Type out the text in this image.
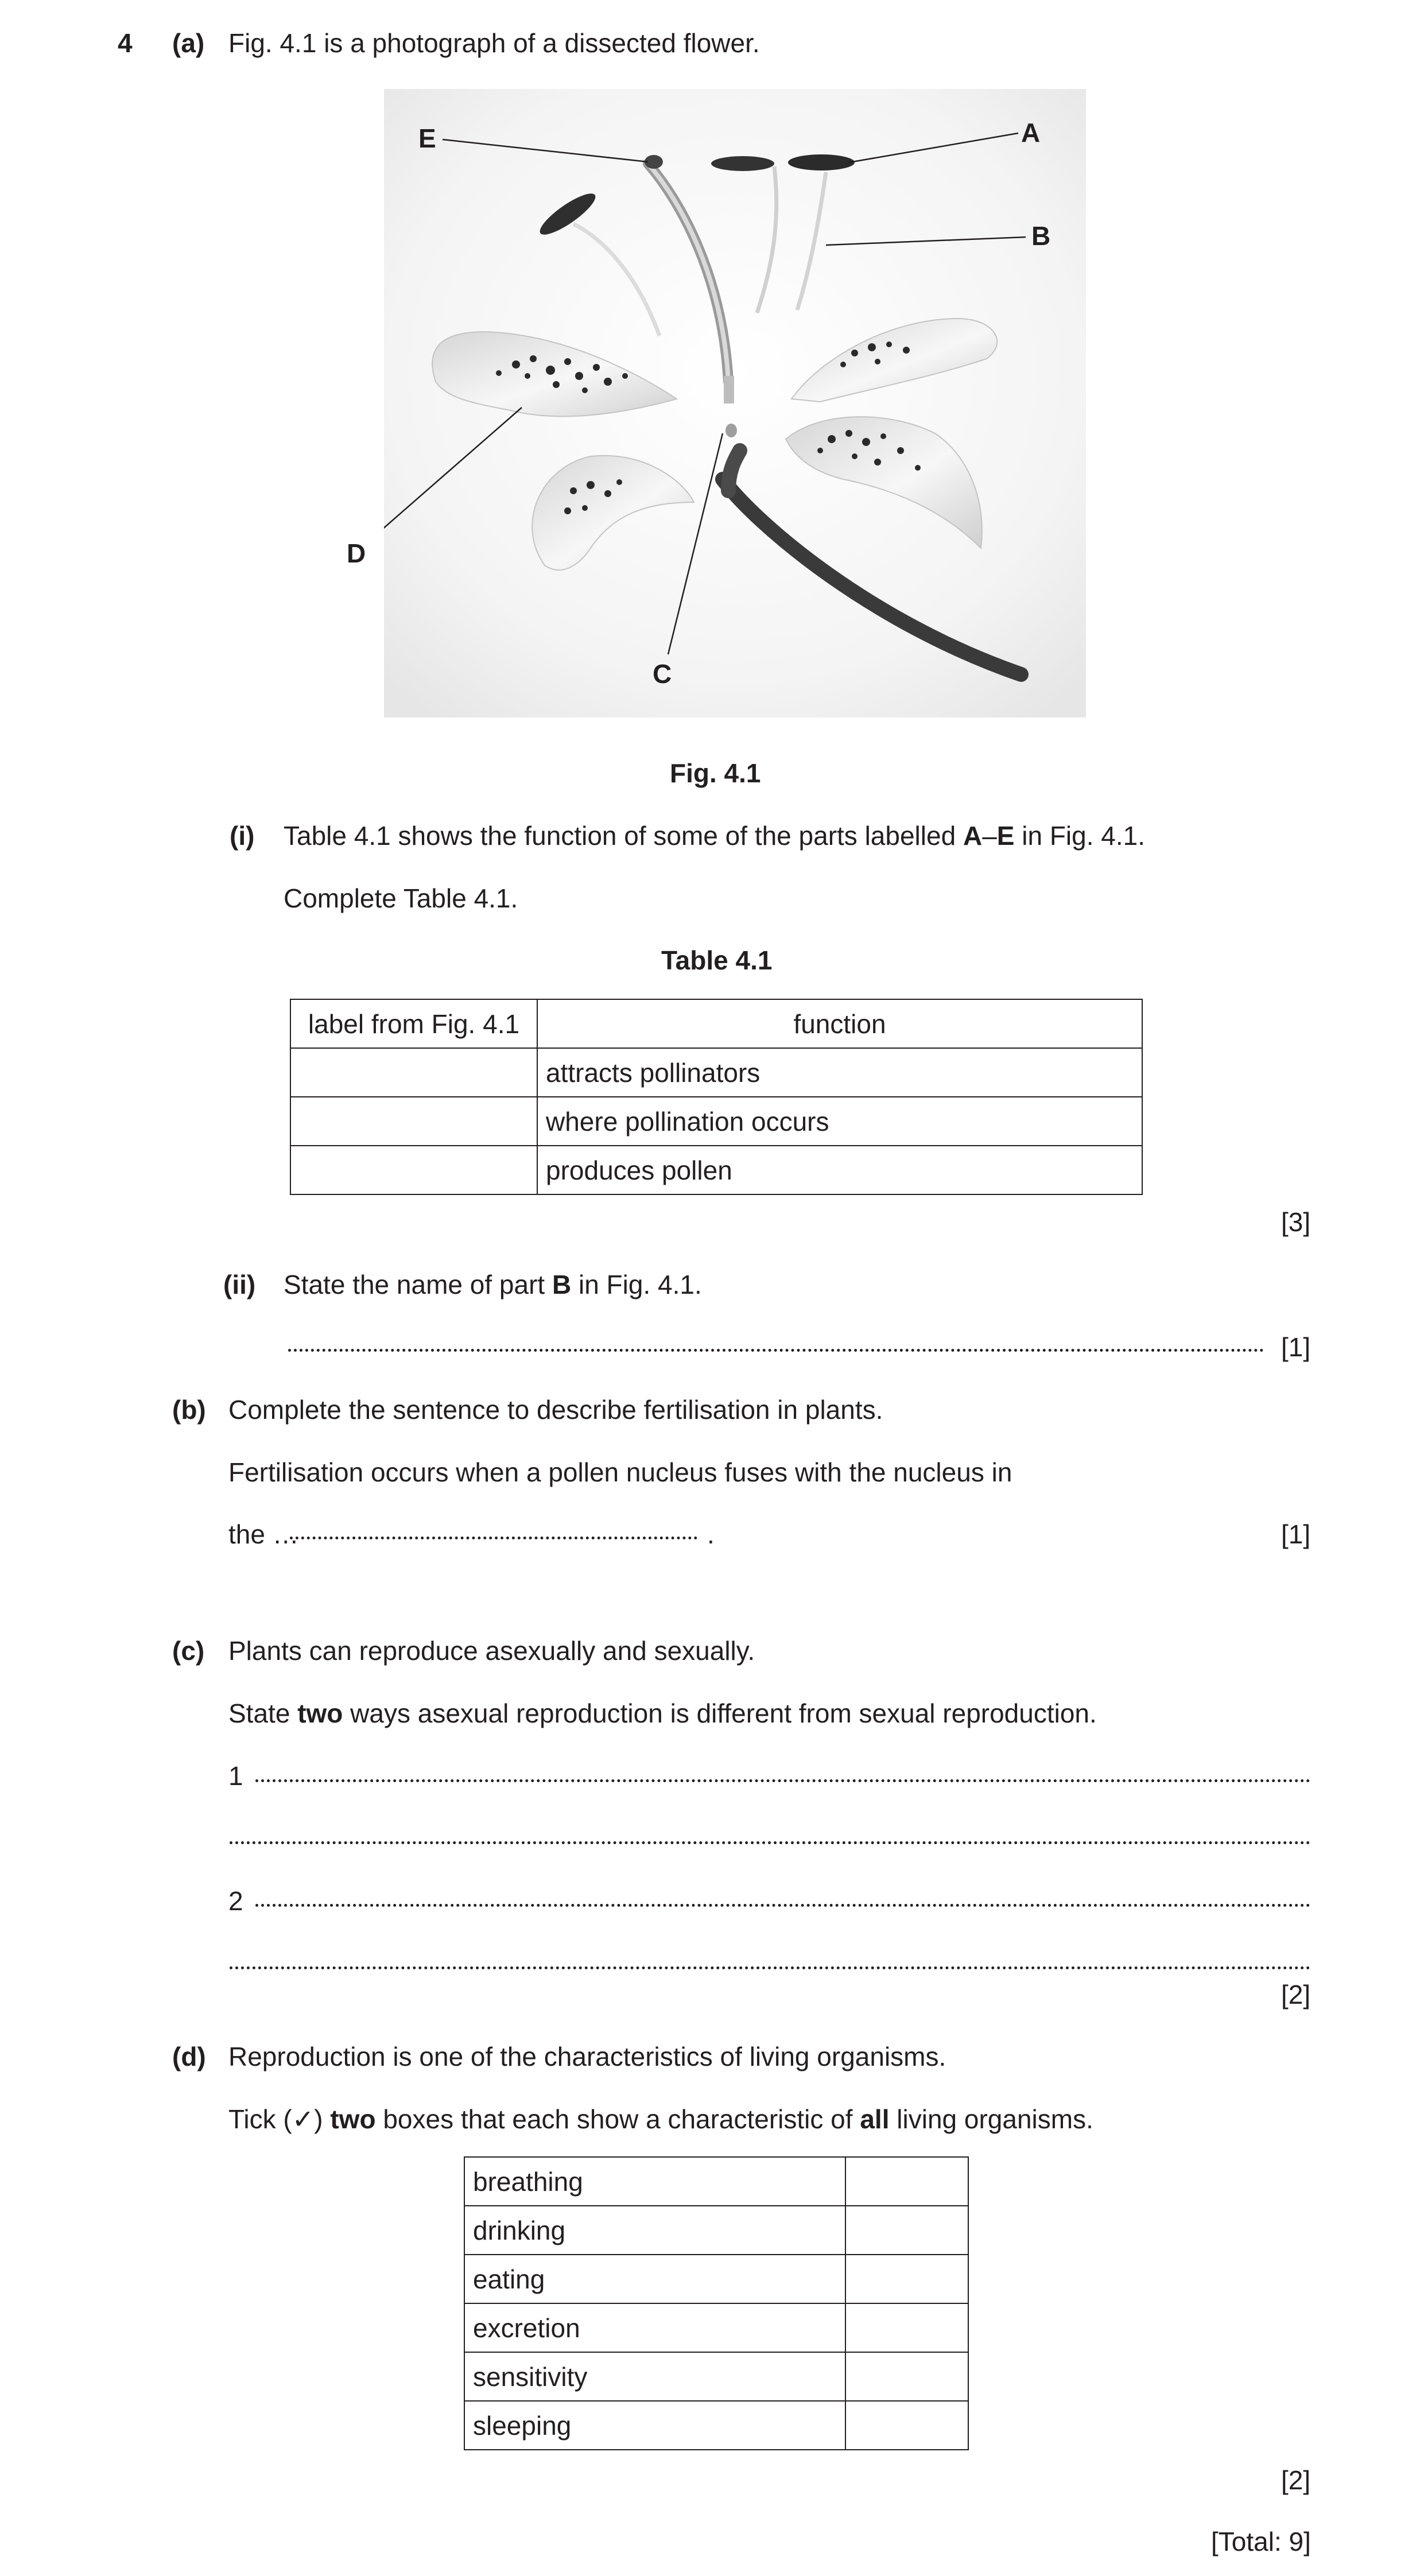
4 (a) Fig. 4.1 is a photograph of a dissected flower.
E	A
B
C
D
Fig. 4.1
(i) Table 4.1 shows the function of some of the parts labelled A–E in Fig. 4.1.
Complete Table 4.1.
Table 4.1
label from Fig. 4.1	function
	attracts pollinators
	where pollination occurs
	produces pollen
[3]
(ii) State the name of part B in Fig. 4.1.
[1]
(b) Complete the sentence to describe fertilisation in plants.
Fertilisation occurs when a pollen nucleus fuses with the nucleus in
the …	.	[1]
(c) Plants can reproduce asexually and sexually.
State two ways asexual reproduction is different from sexual reproduction.
1
2
[2]
(d) Reproduction is one of the characteristics of living organisms.
Tick (✓) two boxes that each show a characteristic of all living organisms.
breathing	
drinking	
eating	
excretion	
sensitivity	
sleeping	
[2]
[Total: 9]
